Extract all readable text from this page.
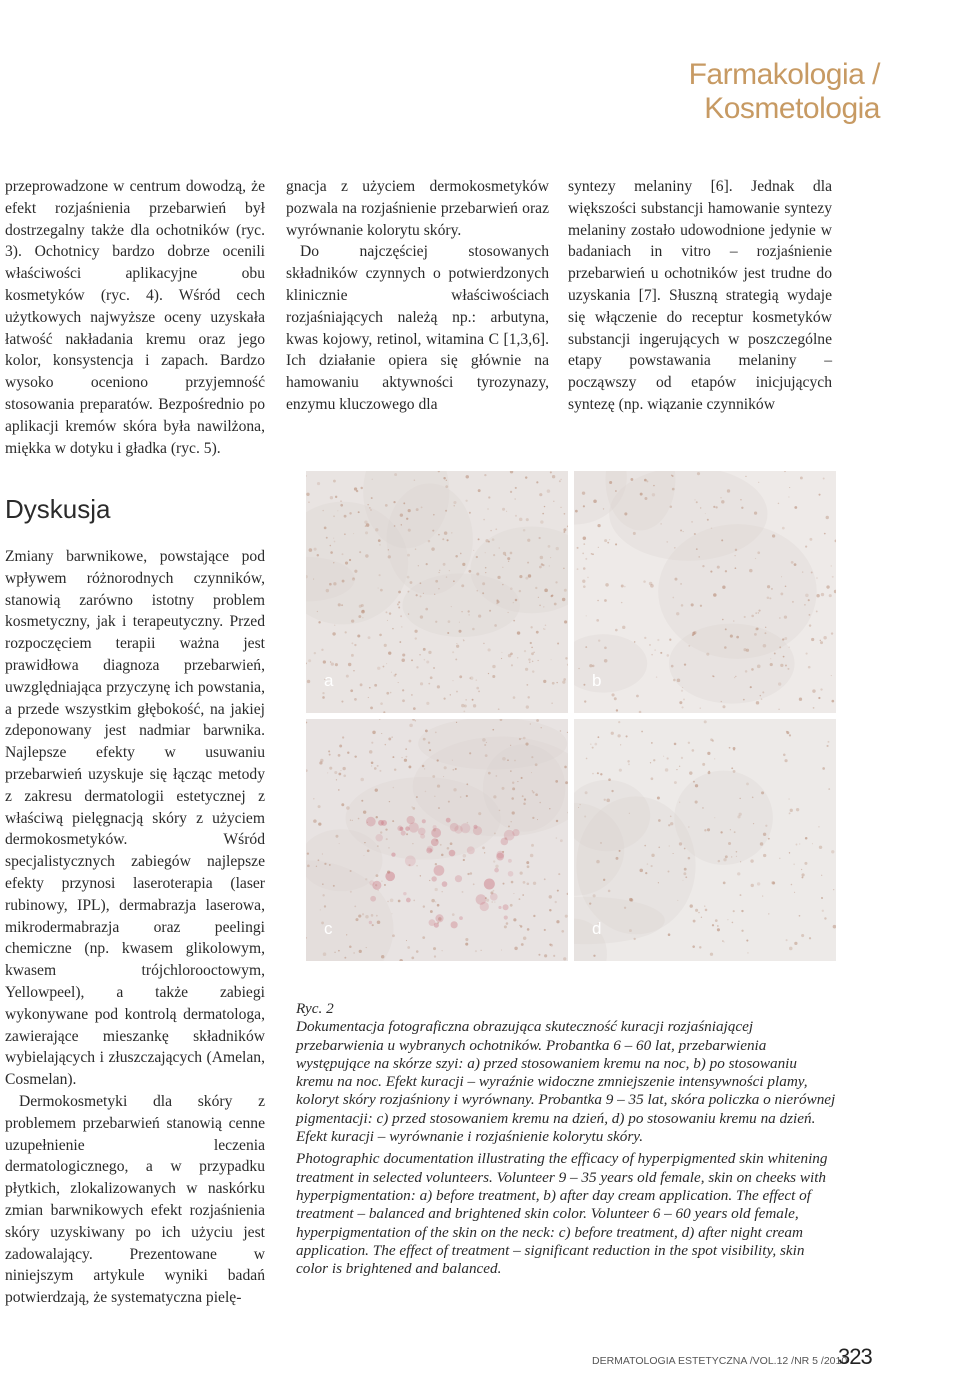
Farmakologia / Kosmetologia

przeprowadzone w centrum dowodzą, że efekt rozjaśnienia przebarwień był dostrzegalny także dla ochotników (ryc. 3). Ochotnicy bardzo dobrze ocenili właściwości aplikacyjne obu kosmetyków (ryc. 4). Wśród cech użytkowych najwyższe oceny uzyskała łatwość nakładania kremu oraz jego kolor, konsystencja i zapach. Bardzo wysoko oceniono przyjemność stosowania preparatów. Bezpośrednio po aplikacji kremów skóra była nawilżona, miękka w dotyku i gładka (ryc. 5).

Dyskusja

Zmiany barwnikowe, powstające pod wpływem różnorodnych czynników, stanowią zarówno istotny problem kosmetyczny, jak i terapeutyczny. Przed rozpoczęciem terapii ważna jest prawidłowa diagnoza przebarwień, uwzględniająca przyczynę ich powstania, a przede wszystkim głębokość, na jakiej zdeponowany jest nadmiar barwnika. Najlepsze efekty w usuwaniu przebarwień uzyskuje się łącząc metody z zakresu dermatologii estetycznej z właściwą pielęgnacją skóry z użyciem dermokosmetyków. Wśród specjalistycznych zabiegów najlepsze efekty przynosi laseroterapia (laser rubinowy, IPL), dermabrazja laserowa, mikrodermabrazja oraz peelingi chemiczne (np. kwasem glikolowym, kwasem trójchlorooctowym, Yellowpeel), a także zabiegi wykonywane pod kontrolą dermatologa, zawierające mieszankę składników wybielających i złuszczających (Amelan, Cosmelan).

Dermokosmetyki dla skóry z problemem przebarwień stanowią cenne uzupełnienie leczenia dermatologicznego, a w przypadku płytkich, zlokalizowanych w naskórku zmian barwnikowych efekt rozjaśnienia skóry uzyskiwany po ich użyciu jest zadowalający. Prezentowane w niniejszym artykule wyniki badań potwierdzają, że systematyczna pielę-

gnacja z użyciem dermokosmetyków pozwala na rozjaśnienie przebarwień oraz wyrównanie kolorytu skóry.

Do najczęściej stosowanych składników czynnych o potwierdzonych klinicznie właściwościach rozjaśniających należą np.: arbutyna, kwas kojowy, retinol, witamina C [1,3,6]. Ich działanie opiera się głównie na hamowaniu aktywności tyrozynazy, enzymu kluczowego dla

syntezy melaniny [6]. Jednak dla większości substancji hamowanie syntezy melaniny zostało udowodnione jedynie w badaniach in vitro – rozjaśnienie przebarwień u ochotników jest trudne do uzyskania [7]. Słuszną strategią wydaje się włączenie do receptur kosmetyków substancji ingerujących w poszczególne etapy powstawania melaniny – począwszy od etapów inicjujących syntezę (np. wiązanie czynników

a	b
c	d

Ryc. 2

Dokumentacja fotograficzna obrazująca skuteczność kuracji rozjaśniającej przebarwienia u wybranych ochotników. Probantka 6 – 60 lat, przebarwienia występujące na skórze szyi: a) przed stosowaniem kremu na noc, b) po stosowaniu kremu na noc. Efekt kuracji – wyraźnie widoczne zmniejszenie intensywności plamy, koloryt skóry rozjaśniony i wyrównany. Probantka 9 – 35 lat, skóra policzka o nierównej pigmentacji: c) przed stosowaniem kremu na dzień, d) po stosowaniu kremu na dzień. Efekt kuracji – wyrównanie i rozjaśnienie kolorytu skóry.

Photographic documentation illustrating the efficacy of hyperpigmented skin whitening treatment in selected volunteers. Volunteer 9 – 35 years old female, skin on cheeks with hyperpigmentation: a) before treatment, b) after day cream application. The effect of treatment – balanced and brightened skin color. Volunteer 6 – 60 years old female, hyperpigmentation of the skin on the neck: c) before treatment, d) after night cream application. The effect of treatment – significant reduction in the spot visibility, skin color is brightened and balanced.

DERMATOLOGIA ESTETYCZNA /VOL.12 /NR 5 /2010
323
